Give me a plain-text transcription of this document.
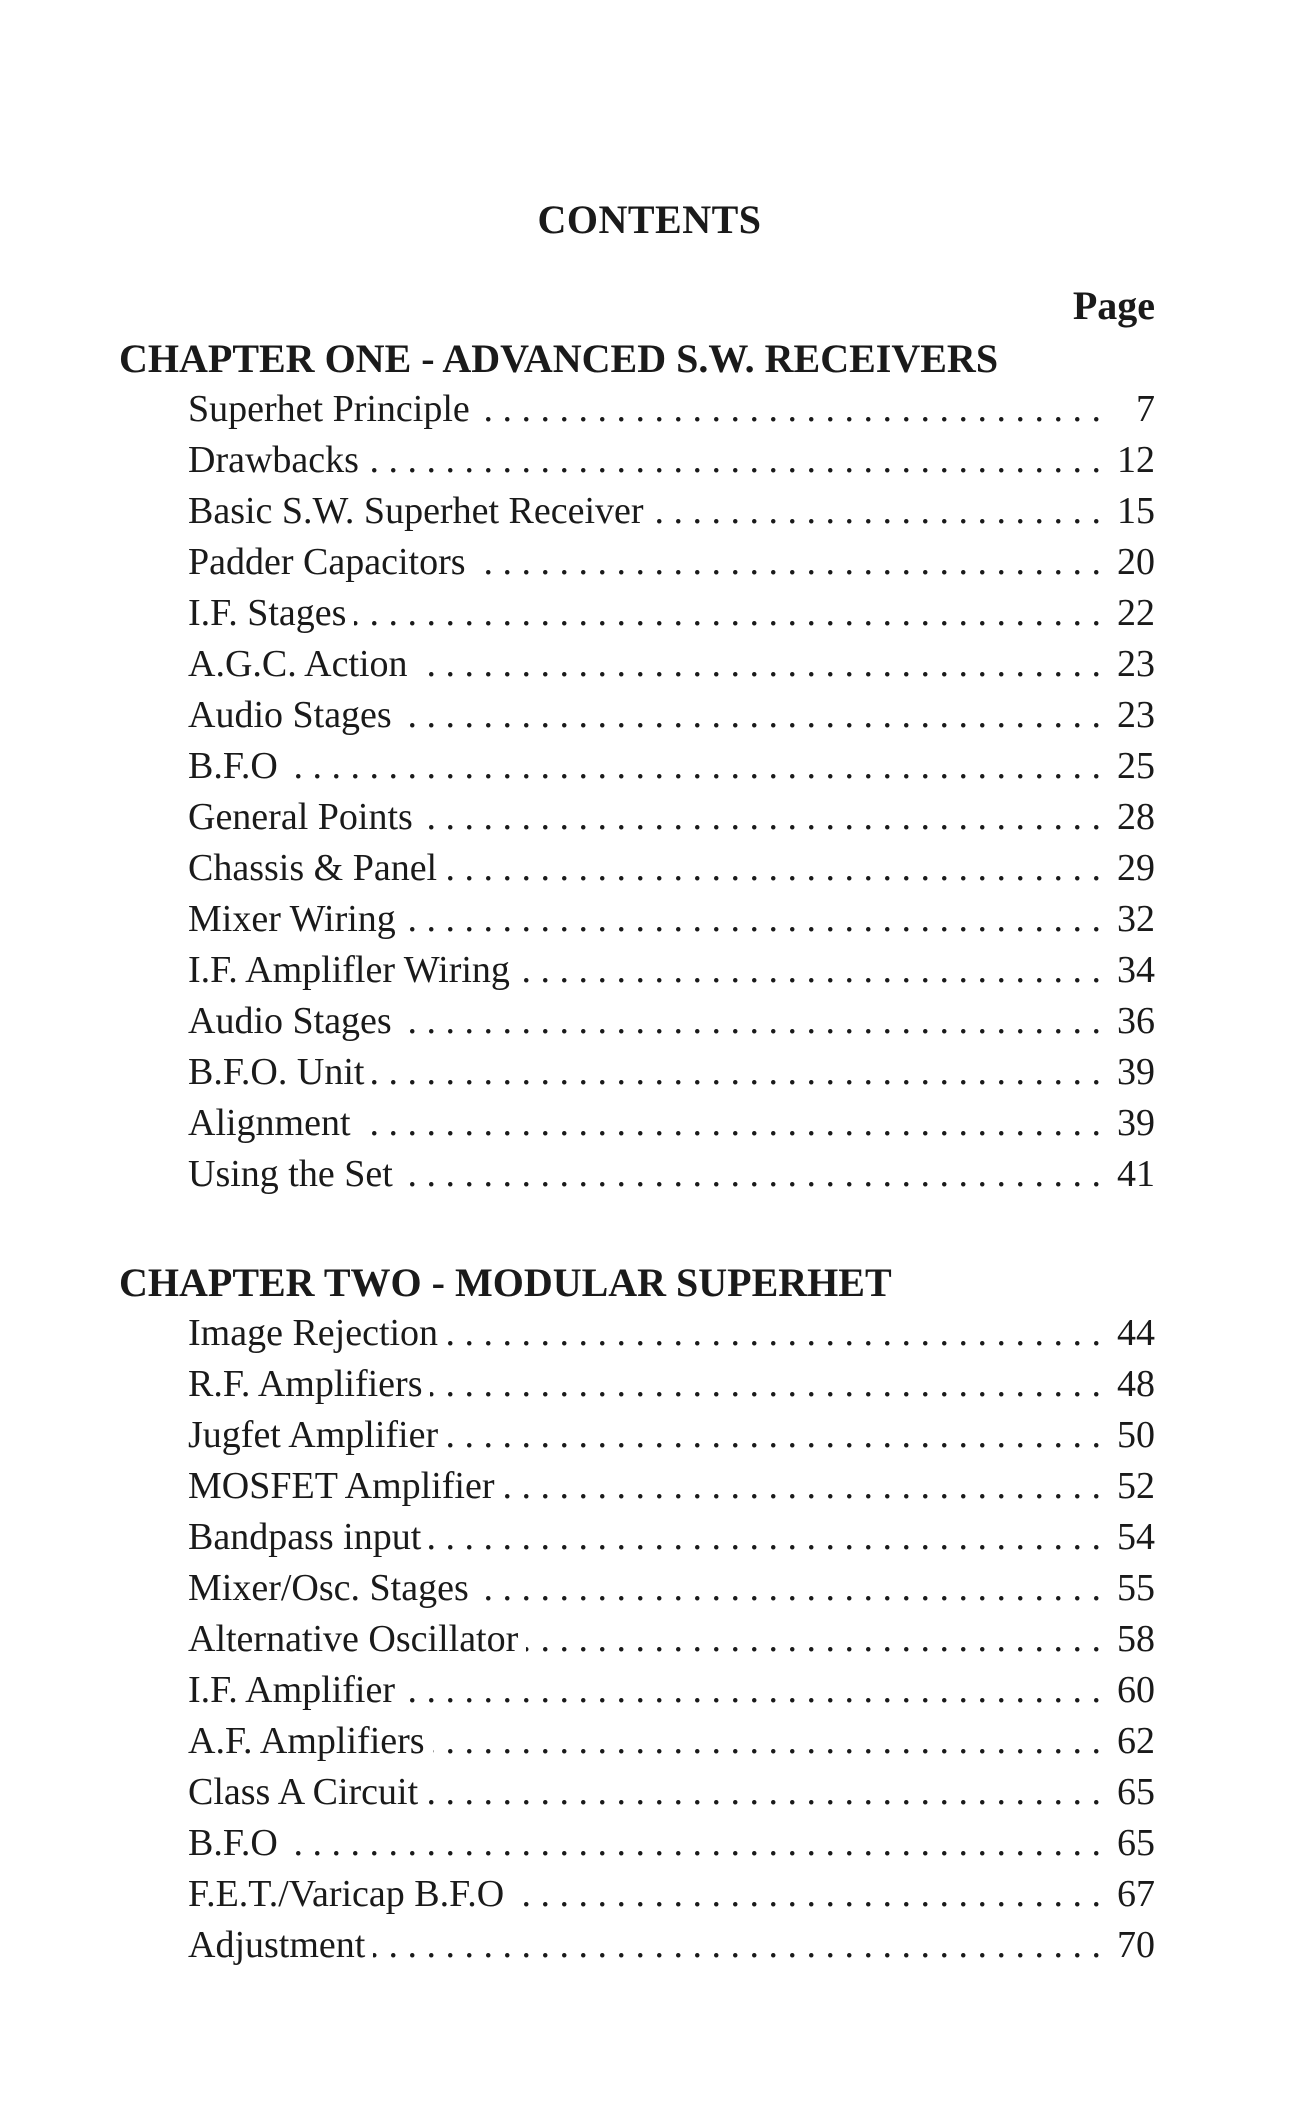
CONTENTS
Page
CHAPTER ONE - ADVANCED S.W. RECEIVERS
Superhet Principle . . .	7
Drawbacks . . .	12
Basic S.W. Superhet Receiver . . .	15
Padder Capacitors . . .	20
I.F. Stages . . .	22
A.G.C. Action . . .	23
Audio Stages . . .	23
B.F.O . . .	25
General Points . . .	28
Chassis & Panel . . .	29
Mixer Wiring . . .	32
I.F. Amplifler Wiring . . .	34
Audio Stages . . .	36
B.F.O. Unit . . .	39
Alignment . . .	39
Using the Set . . .	41
CHAPTER TWO - MODULAR SUPERHET
Image Rejection . . .	44
R.F. Amplifiers . . .	48
Jugfet Amplifier . . .	50
MOSFET Amplifier . . .	52
Bandpass input . . .	54
Mixer/Osc. Stages . . .	55
Alternative Oscillator . . .	58
I.F. Amplifier . . .	60
A.F. Amplifiers . . .	62
Class A Circuit . . .	65
B.F.O . . .	65
F.E.T./Varicap B.F.O . . .	67
Adjustment . . .	70
